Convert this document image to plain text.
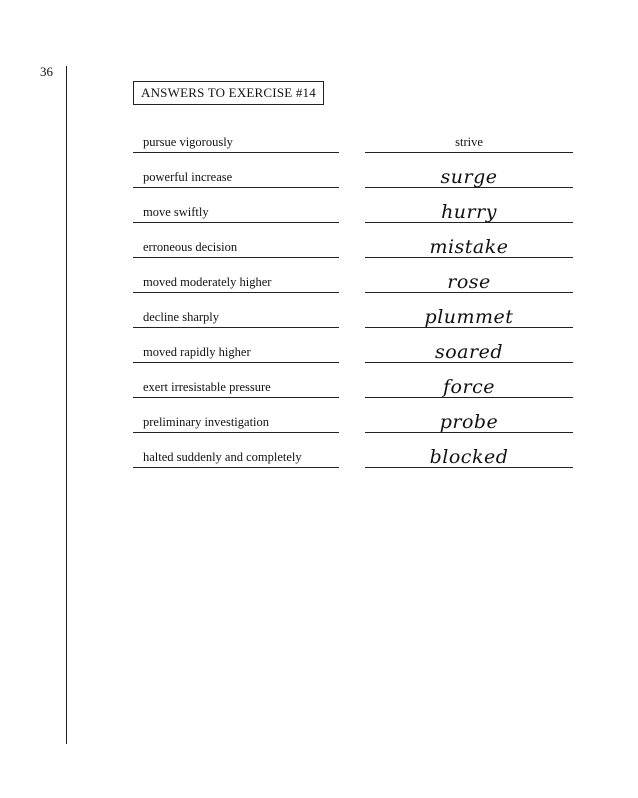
36
ANSWERS TO EXERCISE #14
pursue vigorously	strive
powerful increase	surge
move swiftly	hurry
erroneous decision	mistake
moved moderately higher	rose
decline sharply	plummet
moved rapidly higher	soared
exert irresistable pressure	force
preliminary investigation	probe
halted suddenly and completely	blocked
